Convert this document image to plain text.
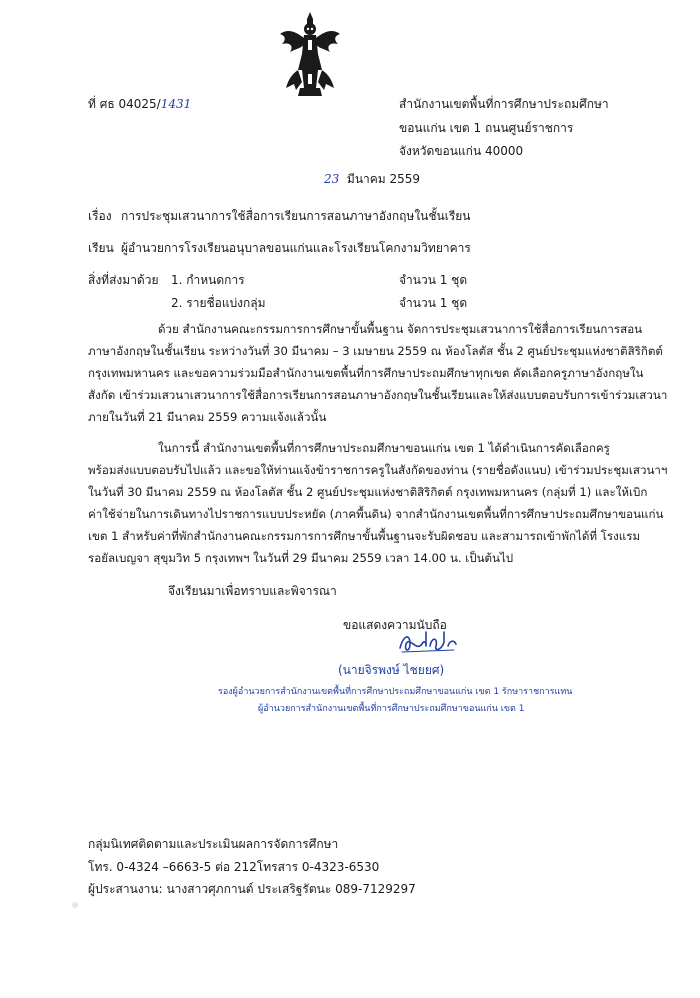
ที่ ศธ 04025/1431	สำนักงานเขตพื้นที่การศึกษาประถมศึกษา
ขอนแก่น เขต 1 ถนนศูนย์ราชการ
จังหวัดขอนแก่น 40000
23 มีนาคม 2559
เรื่อง การประชุมเสวนาการใช้สื่อการเรียนการสอนภาษาอังกฤษในชั้นเรียน
เรียน ผู้อำนวยการโรงเรียนอนุบาลขอนแก่นและโรงเรียนโคกงามวิทยาคาร
สิ่งที่ส่งมาด้วย 1. กำหนดการ	จำนวน 1 ชุด
2. รายชื่อแบ่งกลุ่ม	จำนวน 1 ชุด
ด้วย สำนักงานคณะกรรมการการศึกษาขั้นพื้นฐาน จัดการประชุมเสวนาการใช้สื่อการเรียนการสอน
ภาษาอังกฤษในชั้นเรียน ระหว่างวันที่ 30 มีนาคม – 3 เมษายน 2559 ณ ห้องโลตัส ชั้น 2 ศูนย์ประชุมแห่งชาติสิริกิตต์
กรุงเทพมหานคร และขอความร่วมมือสำนักงานเขตพื้นที่การศึกษาประถมศึกษาทุกเขต คัดเลือกครูภาษาอังกฤษใน
สังกัด เข้าร่วมเสวนาเสวนาการใช้สื่อการเรียนการสอนภาษาอังกฤษในชั้นเรียนและให้ส่งแบบตอบรับการเข้าร่วมเสวนา
ภายในวันที่ 21 มีนาคม 2559 ความแจ้งแล้วนั้น
ในการนี้ สำนักงานเขตพื้นที่การศึกษาประถมศึกษาขอนแก่น เขต 1 ได้ดำเนินการคัดเลือกครู
พร้อมส่งแบบตอบรับไปแล้ว และขอให้ท่านแจ้งข้าราชการครูในสังกัดของท่าน (รายชื่อดังแนบ) เข้าร่วมประชุมเสวนาฯ
ในวันที่ 30 มีนาคม 2559 ณ ห้องโลตัส ชั้น 2 ศูนย์ประชุมแห่งชาติสิริกิตต์ กรุงเทพมหานคร (กลุ่มที่ 1) และให้เบิก
ค่าใช้จ่ายในการเดินทางไปราชการแบบประหยัด (ภาคพื้นดิน) จากสำนักงานเขตพื้นที่การศึกษาประถมศึกษาขอนแก่น
เขต 1 สำหรับค่าที่พักสำนักงานคณะกรรมการการศึกษาขั้นพื้นฐานจะรับผิดชอบ และสามารถเข้าพักได้ที่ โรงแรม
รอยัลเบญจา สุขุมวิท 5 กรุงเทพฯ ในวันที่ 29 มีนาคม 2559 เวลา 14.00 น. เป็นต้นไป
จึงเรียนมาเพื่อทราบและพิจารณา
ขอแสดงความนับถือ
(นายจิรพงษ์ ไชยยศ)
รองผู้อำนวยการสำนักงานเขตพื้นที่การศึกษาประถมศึกษาขอนแก่น เขต 1 รักษาราชการแทน
ผู้อำนวยการสำนักงานเขตพื้นที่การศึกษาประถมศึกษาขอนแก่น เขต 1
กลุ่มนิเทศติดตามและประเมินผลการจัดการศึกษา
โทร. 0-4324 –6663-5 ต่อ 212โทรสาร 0-4323-6530
ผู้ประสานงาน: นางสาวศุภกานต์ ประเสริฐรัตนะ 089-7129297
